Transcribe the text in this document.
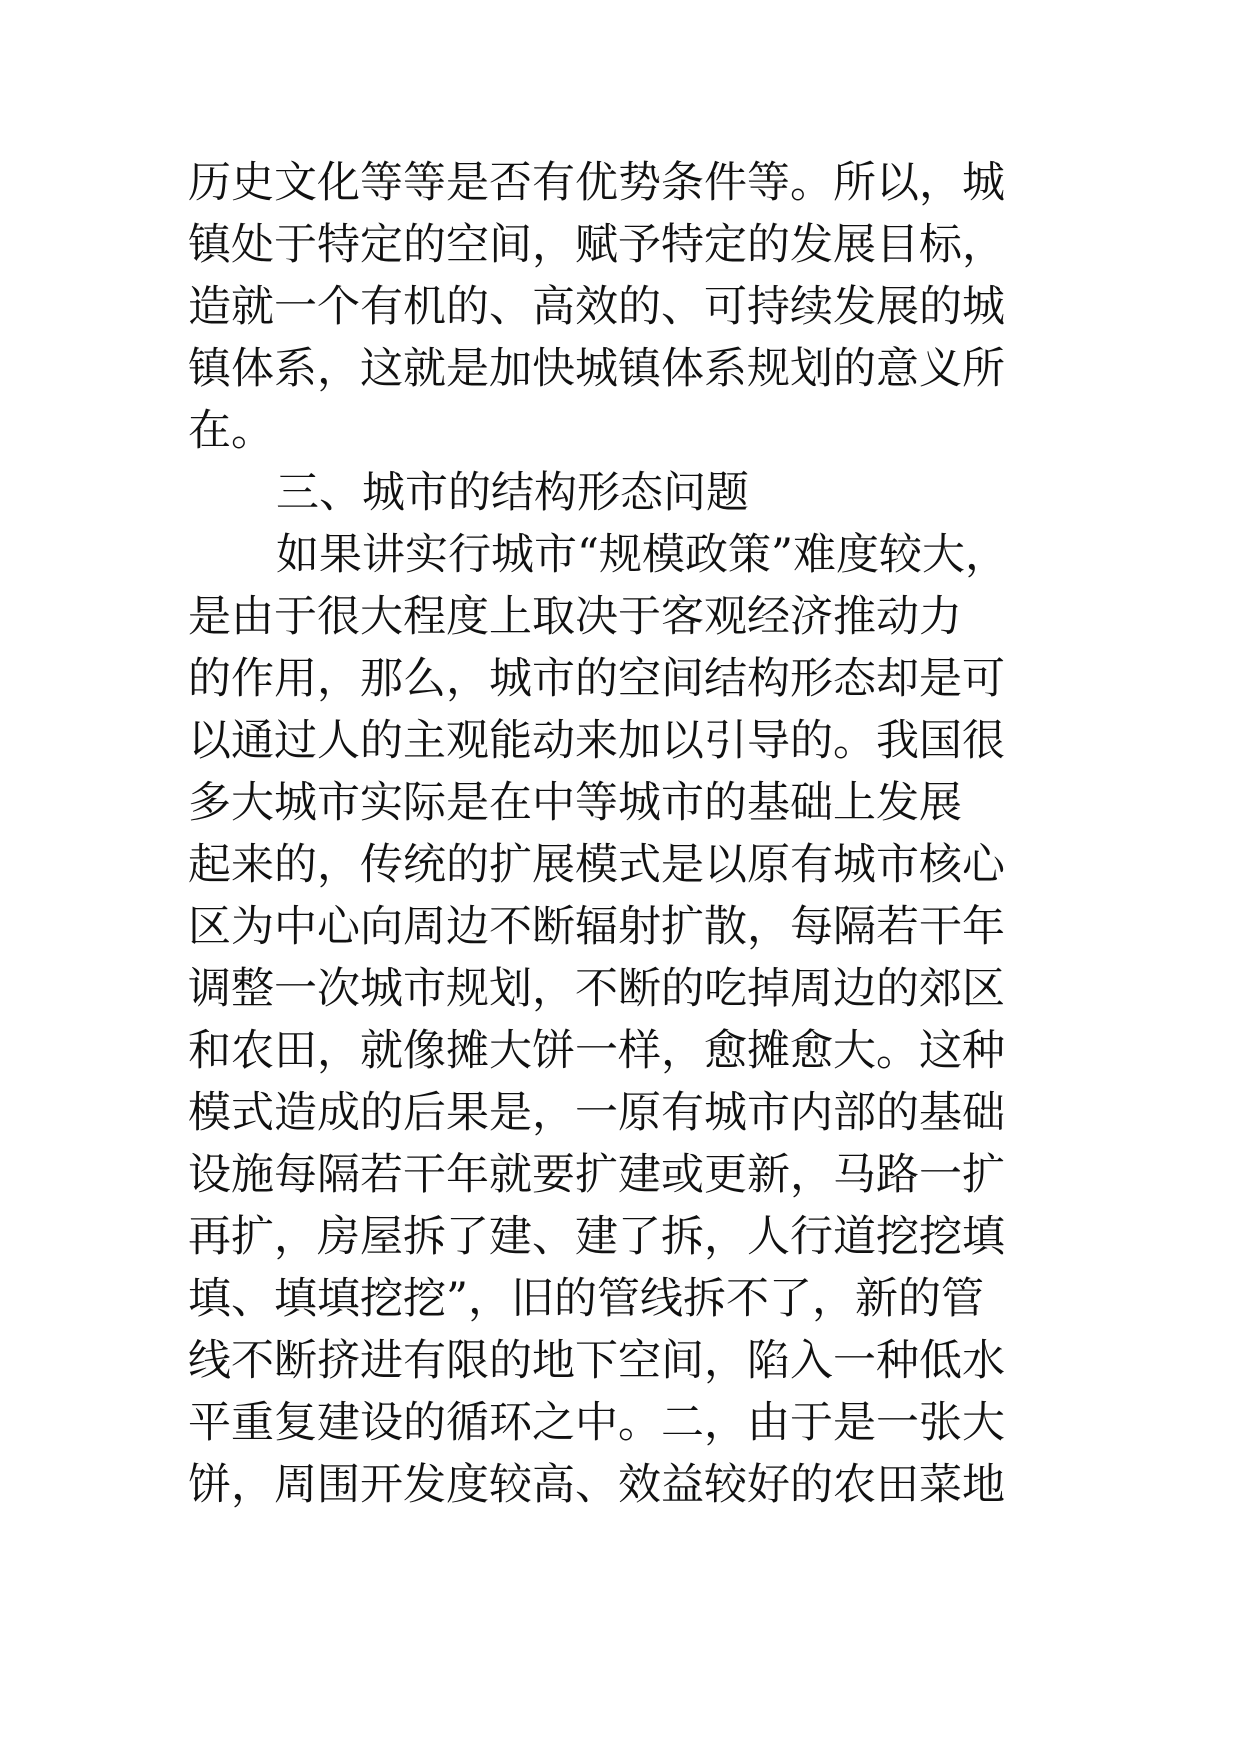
历史文化等等是否有优势条件等。所以，城
镇处于特定的空间，赋予特定的发展目标，
造就一个有机的、高效的、可持续发展的城
镇体系，这就是加快城镇体系规划的意义所
在。
三、城市的结构形态问题
如果讲实行城市“规模政策”难度较大，
是由于很大程度上取决于客观经济推动力
的作用，那么，城市的空间结构形态却是可
以通过人的主观能动来加以引导的。我国很
多大城市实际是在中等城市的基础上发展
起来的，传统的扩展模式是以原有城市核心
区为中心向周边不断辐射扩散，每隔若干年
调整一次城市规划，不断的吃掉周边的郊区
和农田，就像摊大饼一样，愈摊愈大。这种
模式造成的后果是，一原有城市内部的基础
设施每隔若干年就要扩建或更新，马路一扩
再扩，房屋拆了建、建了拆，人行道挖挖填
填、填填挖挖”，旧的管线拆不了，新的管
线不断挤进有限的地下空间，陷入一种低水
平重复建设的循环之中。二，由于是一张大
饼，周围开发度较高、效益较好的农田菜地
